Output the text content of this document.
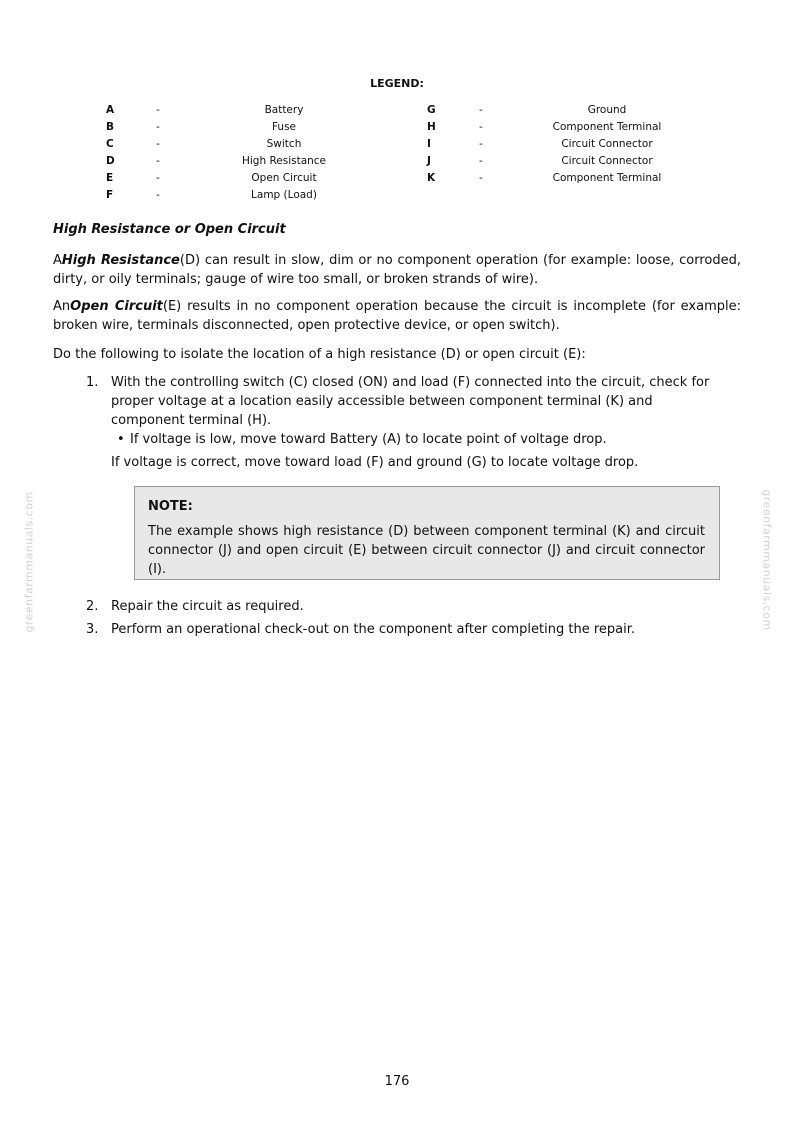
LEGEND:
A	-	Battery	G	-	Ground
B	-	Fuse	H	-	Component Terminal
C	-	Switch	I	-	Circuit Connector
D	-	High Resistance	J	-	Circuit Connector
E	-	Open Circuit	K	-	Component Terminal
F	-	Lamp (Load)
High Resistance or Open Circuit
AHigh Resistance(D) can result in slow, dim or no component operation (for example: loose, corroded, dirty, or oily terminals; gauge of wire too small, or broken strands of wire).
AnOpen Circuit(E) results in no component operation because the circuit is incomplete (for example: broken wire, terminals disconnected, open protective device, or open switch).
Do the following to isolate the location of a high resistance (D) or open circuit (E):
1. With the controlling switch (C) closed (ON) and load (F) connected into the circuit, check for proper voltage at a location easily accessible between component terminal (K) and component terminal (H).
• If voltage is low, move toward Battery (A) to locate point of voltage drop.
If voltage is correct, move toward load (F) and ground (G) to locate voltage drop.
NOTE:
The example shows high resistance (D) between component terminal (K) and circuit connector (J) and open circuit (E) between circuit connector (J) and circuit connector (I).
2. Repair the circuit as required.
3. Perform an operational check-out on the component after completing the repair.
greenfarmmanuals.com	greenfarmmanuals.com
176
